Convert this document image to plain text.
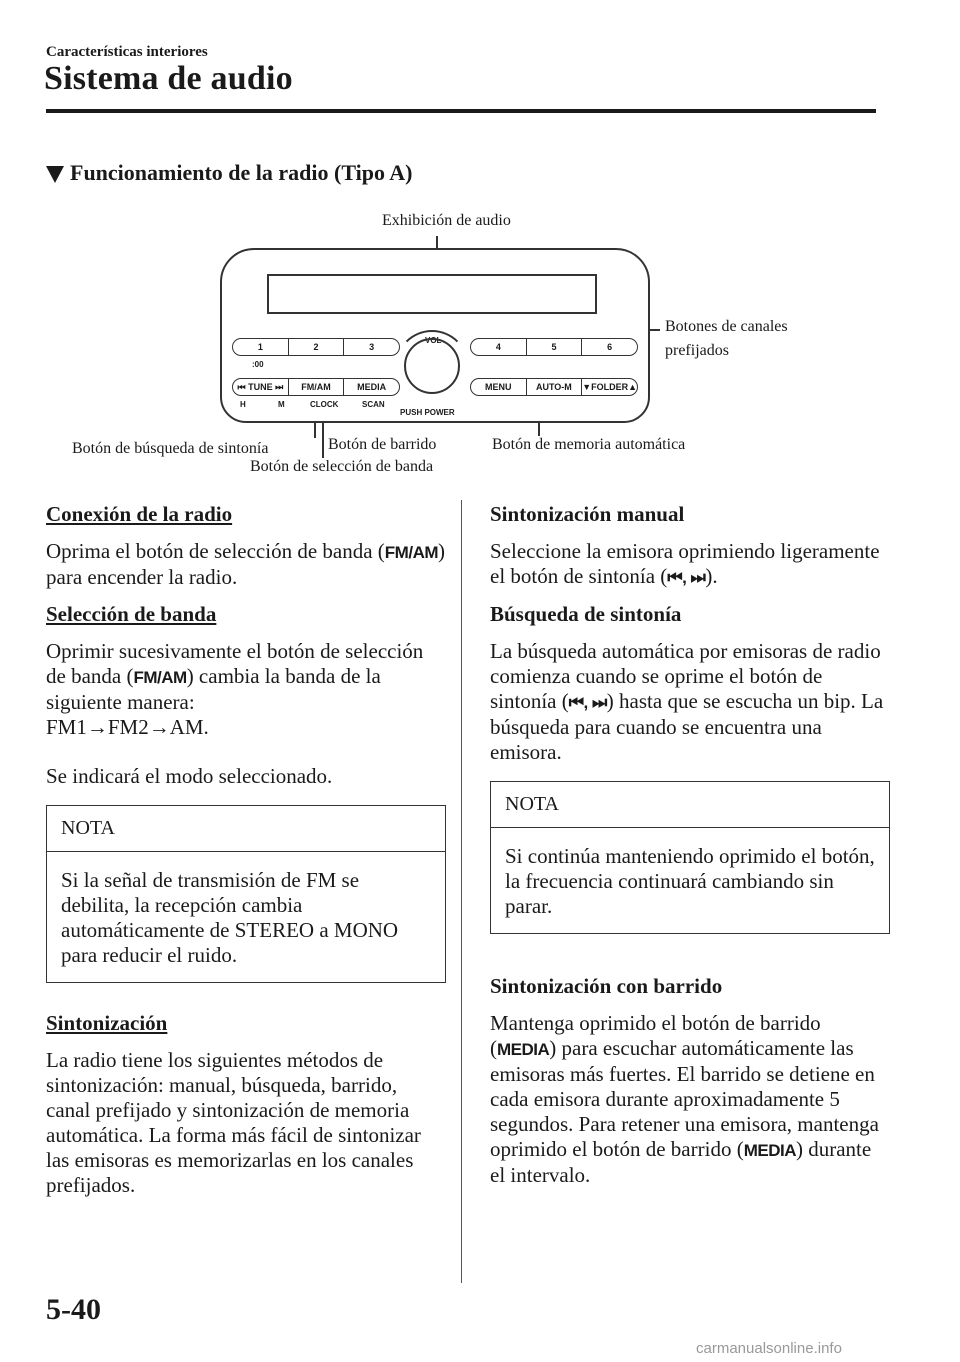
Características interiores
Sistema de audio
Funcionamiento de la radio (Tipo A)
Exhibición de audio
Botones de canales
prefijados
Botón de búsqueda de sintonía	Botón de barrido
Botón de selección de banda
Botón de memoria automática
1	2	3	4	5	6
:00
VOL
⏮ TUNE ⏭	FM/AM	MEDIA	MENU	AUTO-M	▼FOLDER▲
H	M	CLOCK	SCAN
PUSH POWER
Conexión de la radio

Oprima el botón de selección de banda (FM/AM) para encender la radio.

Selección de banda

Oprimir sucesivamente el botón de selección de banda (FM/AM) cambia la banda de la siguiente manera:
FM1→FM2→AM.

Se indicará el modo seleccionado.

NOTA
Si la señal de transmisión de FM se debilita, la recepción cambia automáticamente de STEREO a MONO para reducir el ruido.
Sintonización

La radio tiene los siguientes métodos de sintonización: manual, búsqueda, barrido, canal prefijado y sintonización de memoria automática. La forma más fácil de sintonizar las emisoras es memorizarlas en los canales prefijados.

Sintonización manual

Seleccione la emisora oprimiendo ligeramente el botón de sintonía (⏮, ⏭).

Búsqueda de sintonía

La búsqueda automática por emisoras de radio comienza cuando se oprime el botón de sintonía (⏮, ⏭) hasta que se escucha un bip. La búsqueda para cuando se encuentra una emisora.

NOTA
Si continúa manteniendo oprimido el botón, la frecuencia continuará cambiando sin parar.
Sintonización con barrido

Mantenga oprimido el botón de barrido (MEDIA) para escuchar automáticamente las emisoras más fuertes. El barrido se detiene en cada emisora durante aproximadamente 5 segundos. Para retener una emisora, mantenga oprimido el botón de barrido (MEDIA) durante el intervalo.

5-40
carmanualsonline.info
